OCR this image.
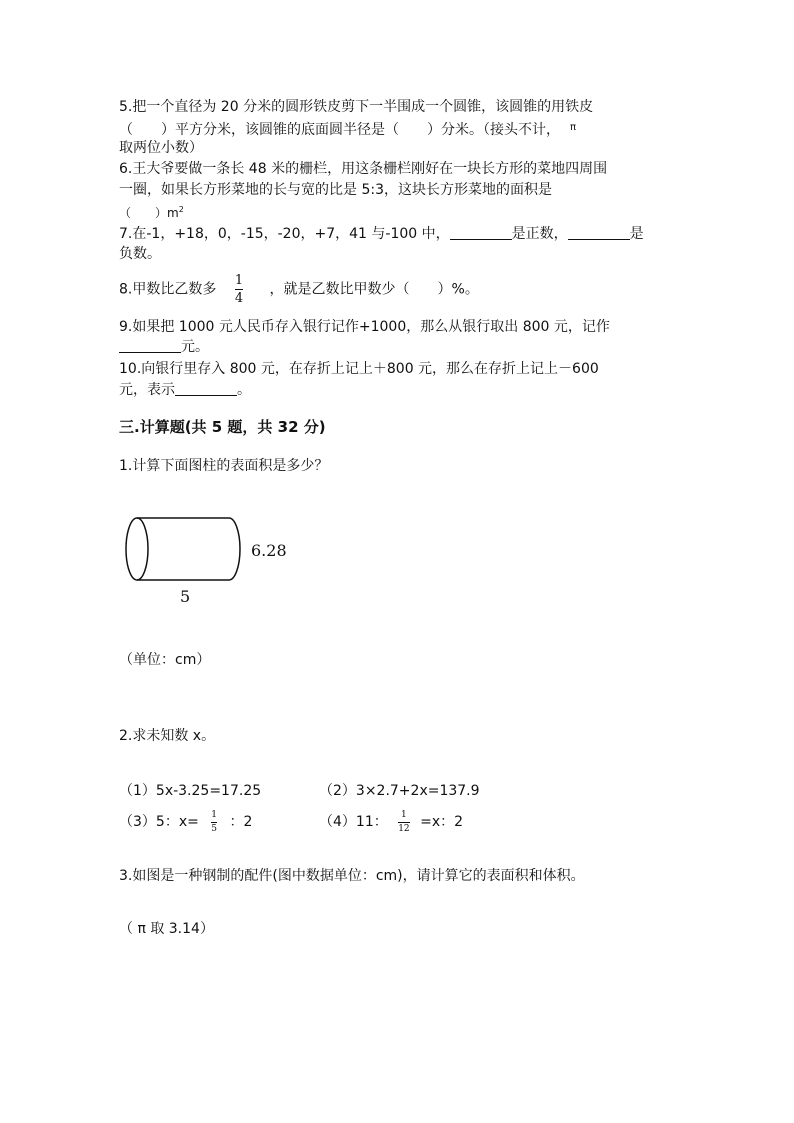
5.把一个直径为 20 分米的圆形铁皮剪下一半围成一个圆锥，该圆锥的用铁皮
（　　）平方分米，该圆锥的底面圆半径是（　　）分米。（接头不计， $^\pi$
取两位小数）
6.王大爷要做一条长 48 米的栅栏，用这条栅栏刚好在一块长方形的菜地四周围
一圈，如果长方形菜地的长与宽的比是 5:3，这块长方形菜地的面积是
（　　）$m^2$
7.在-1，+18，0，-15，-20，+7，41 与-100 中，	是正数，	是
负数。
8.甲数比乙数多 $\frac{1}{4}$ ，就是乙数比甲数少（　　）%。
9.如果把 1000 元人民币存入银行记作+1000，那么从银行取出 800 元，记作
元。
10.向银行里存入 800 元，在存折上记上＋800 元，那么在存折上记上－600
元，表示	。
三.计算题(共 5 题，共 32 分)
1.计算下面图柱的表面积是多少？
6.28
5
（单位：cm）
2.求未知数 x。
（1）5x-3.25=17.25	（2）3×2.7+2x=137.9
（3）5：$x= \frac{1}{5}$ ：2	（4）11： $\frac{1}{12} =x$：2
3.如图是一种钢制的配件(图中数据单位：cm)，请计算它的表面积和体积。
（ π 取 3.14）
